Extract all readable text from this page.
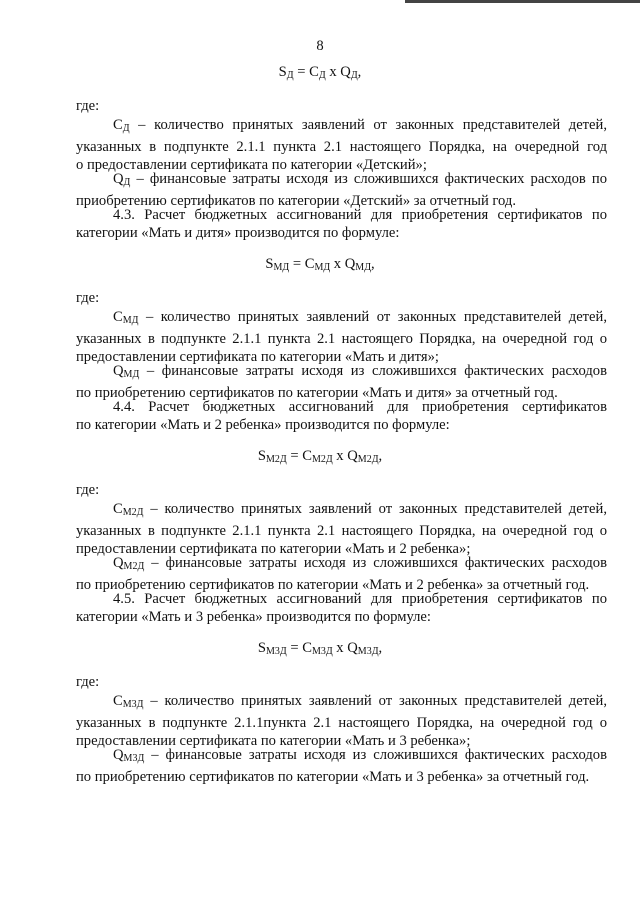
8
$S_Д = C_Д$ x $Q_Д$,
где:
$C_Д$ – количество принятых заявлений от законных представителей детей,
указанных в подпункте 2.1.1 пункта 2.1 настоящего Порядка, на очередной год
о предоставлении сертификата по категории «Детский»;
$Q_Д$ – финансовые затраты исходя из сложившихся фактических расходов по
приобретению сертификатов по категории «Детский» за отчетный год.
4.3. Расчет бюджетных ассигнований для приобретения сертификатов по
категории «Мать и дитя» производится по формуле:
$S_{МД} = C_{МД}$ x $Q_{МД}$,
где:
$C_{МД}$ – количество принятых заявлений от законных представителей детей,
указанных в подпункте 2.1.1 пункта 2.1 настоящего Порядка, на очередной год о
предоставлении сертификата по категории «Мать и дитя»;
$Q_{МД}$ – финансовые затраты исходя из сложившихся фактических расходов
по приобретению сертификатов по категории «Мать и дитя» за отчетный год.
4.4. Расчет бюджетных ассигнований для приобретения сертификатов
по категории «Мать и 2 ребенка» производится по формуле:
$S_{М2Д} = C_{М2Д}$ x $Q_{М2Д}$,
где:
$C_{М2Д}$ – количество принятых заявлений от законных представителей детей,
указанных в подпункте 2.1.1 пункта 2.1 настоящего Порядка, на очередной год о
предоставлении сертификата по категории «Мать и 2 ребенка»;
$Q_{М2Д}$ – финансовые затраты исходя из сложившихся фактических расходов
по приобретению сертификатов по категории «Мать и 2 ребенка» за отчетный год.
4.5. Расчет бюджетных ассигнований для приобретения сертификатов по
категории «Мать и 3 ребенка» производится по формуле:
$S_{М3Д} = C_{М3Д}$ x $Q_{М3Д}$,
где:
$C_{М3Д}$ – количество принятых заявлений от законных представителей детей,
указанных в подпункте 2.1.1пункта 2.1 настоящего Порядка, на очередной год о
предоставлении сертификата по категории «Мать и 3 ребенка»;
$Q_{М3Д}$ – финансовые затраты исходя из сложившихся фактических расходов
по приобретению сертификатов по категории «Мать и 3 ребенка» за отчетный год.
